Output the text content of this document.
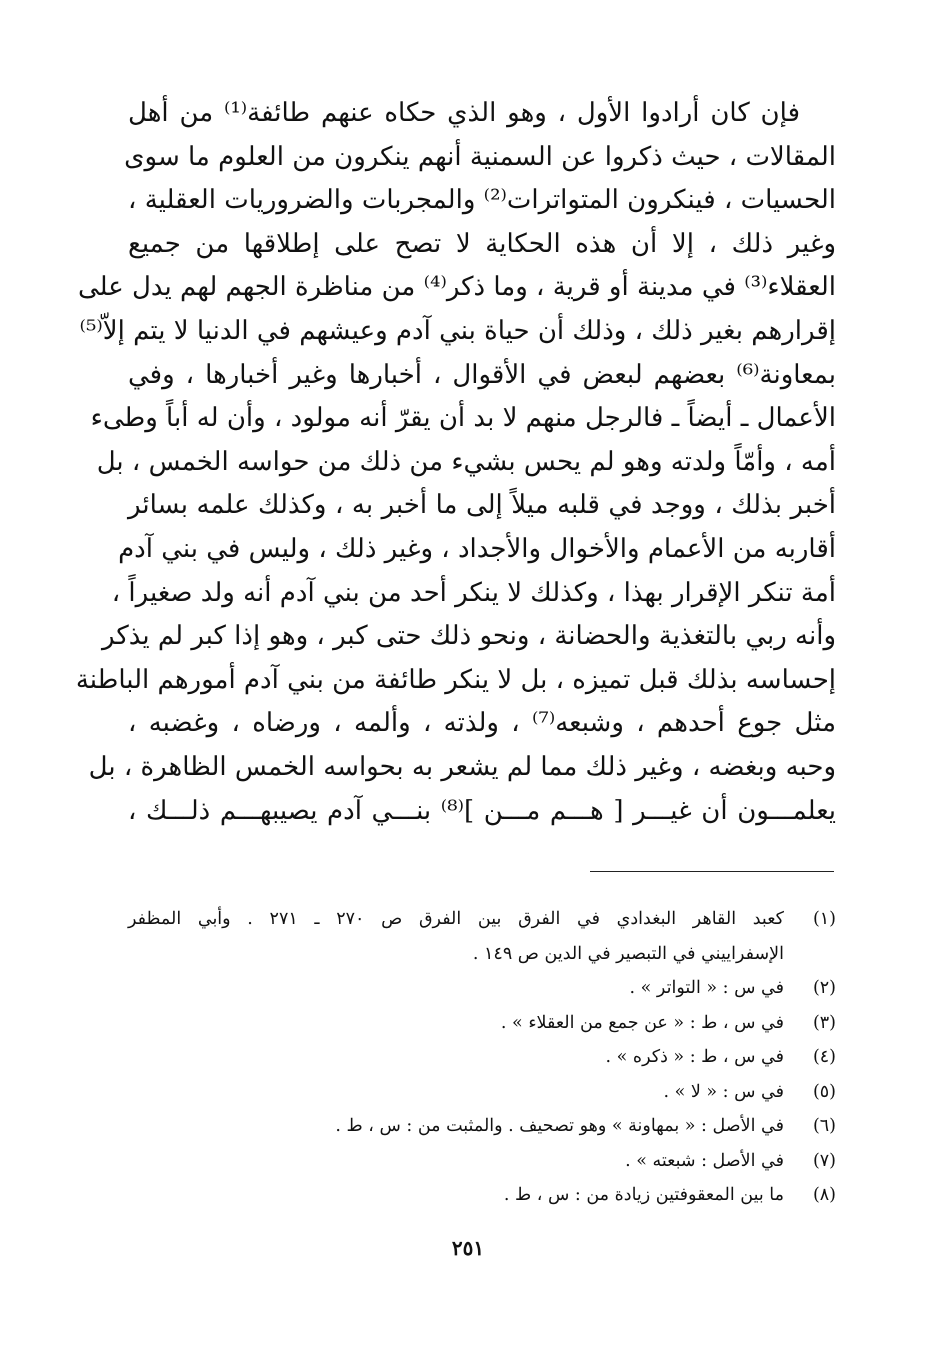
فإن كان أرادوا الأول ، وهو الذي حكاه عنهم طائفة⁽¹⁾ من أهل
المقالات ، حيث ذكروا عن السمنية أنهم ينكرون من العلوم ما سوى
الحسيات ، فينكرون المتواترات⁽²⁾ والمجربات والضروريات العقلية ،
وغير ذلك ، إلا أن هذه الحكاية لا تصح على إطلاقها من جميع
العقلاء⁽³⁾ في مدينة أو قرية ، وما ذكر⁽⁴⁾ من مناظرة الجهم لهم يدل على
إقرارهم بغير ذلك ، وذلك أن حياة بني آدم وعيشهم في الدنيا لا يتم إلاّ⁽⁵⁾
بمعاونة⁽⁶⁾ بعضهم لبعض في الأقوال ، أخبارها وغير أخبارها ، وفي
الأعمال ـ أيضاً ـ فالرجل منهم لا بد أن يقرّ أنه مولود ، وأن له أباً وطىء
أمه ، وأمّاً ولدته وهو لم يحس بشيء من ذلك من حواسه الخمس ، بل
أخبر بذلك ، ووجد في قلبه ميلاً إلى ما أخبر به ، وكذلك علمه بسائر
أقاربه من الأعمام والأخوال والأجداد ، وغير ذلك ، وليس في بني آدم
أمة تنكر الإقرار بهذا ، وكذلك لا ينكر أحد من بني آدم أنه ولد صغيراً ،
وأنه ربي بالتغذية والحضانة ، ونحو ذلك حتى كبر ، وهو إذا كبر لم يذكر
إحساسه بذلك قبل تميزه ، بل لا ينكر طائفة من بني آدم أمورهم الباطنة
مثل جوع أحدهم ، وشبعه⁽⁷⁾ ، ولذته ، وألمه ، ورضاه ، وغضبه ،
وحبه وبغضه ، وغير ذلك مما لم يشعر به بحواسه الخمس الظاهرة ، بل
يعلمـــون أن غيـــر [ هـــم مـــن ]⁽⁸⁾ بنـــي آدم يصيبهـــم ذلـــك ،
(١)كعبد القاهر البغدادي في الفرق بين الفرق ص ٢٧٠ ـ ٢٧١ . وأبي المظفر
الإسفراييني في التبصير في الدين ص ١٤٩ .
(٢)في س : « التواتر » .
(٣)في س ، ط : « عن جمع من العقلاء » .
(٤)في س ، ط : « ذكره » .
(٥)في س : « لا » .
(٦)في الأصل : « بمهاونة » وهو تصحيف . والمثبت من : س ، ط .
(٧)في الأصل : شبعته » .
(٨)ما بين المعقوفتين زيادة من : س ، ط .
٢٥١
